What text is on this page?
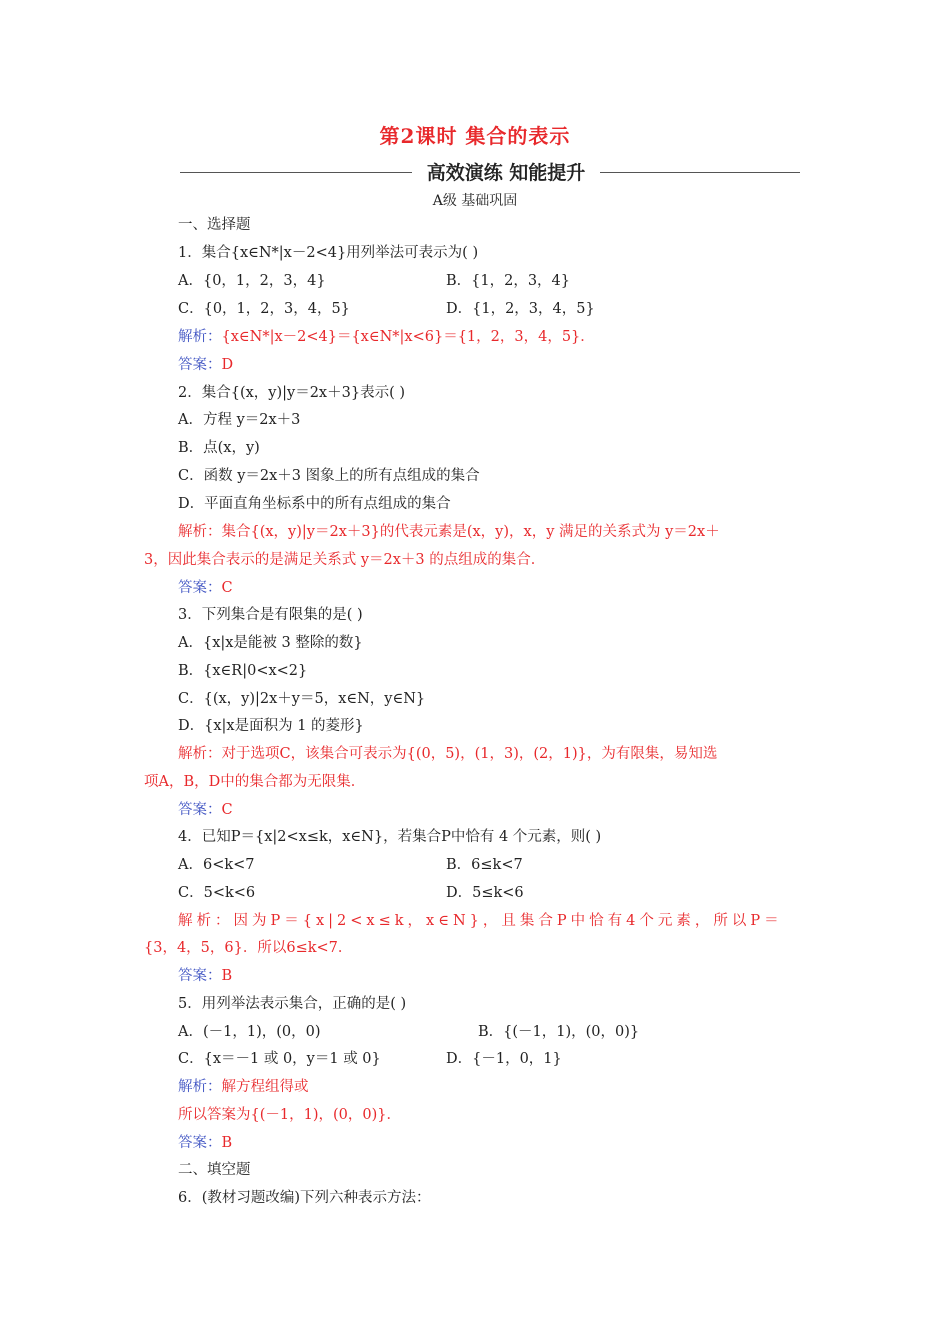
第2课时 集合的表示
高效演练 知能提升
A级 基础巩固
一、选择题
1．集合{x∈N*|x－2<4}用列举法可表示为( )
A．{0，1，2，3，4}	B．{1，2，3，4}
C．{0，1，2，3，4，5}	D．{1，2，3，4，5}
解析：{x∈N*|x－2<4}＝{x∈N*|x<6}＝{1，2，3，4，5}．
答案：D
2．集合{(x，y)|y＝2x＋3}表示( )
A．方程 y＝2x＋3
B．点(x，y)
C．函数 y＝2x＋3 图象上的所有点组成的集合
D．平面直角坐标系中的所有点组成的集合
解析：集合{(x，y)|y＝2x＋3}的代表元素是(x，y)，x，y 满足的关系式为 y＝2x＋
3，因此集合表示的是满足关系式 y＝2x＋3 的点组成的集合．
答案：C
3．下列集合是有限集的是( )
A．{x|x是能被 3 整除的数}
B．{x∈R|0<x<2}
C．{(x，y)|2x＋y＝5，x∈N，y∈N}
D．{x|x是面积为 1 的菱形}
解析：对于选项C，该集合可表示为{(0，5)，(1，3)，(2，1)}，为有限集，易知选
项A，B，D中的集合都为无限集．
答案：C
4．已知P＝{x|2<x≤k，x∈N}，若集合P中恰有 4 个元素，则( )
A．6<k<7	B．6≤k<7
C．5<k<6	D．5≤k<6
解析：因为P＝{x|2<x≤k，x∈N}，且集合P中恰有4个元素，所以P＝
{3，4，5，6}．所以6≤k<7．
答案：B
5．用列举法表示集合，正确的是( )
A．(－1，1)，(0，0)	B．{(－1，1)，(0，0)}
C．{x＝－1 或 0，y＝1 或 0}	D．{－1，0，1}
解析：解方程组得或
所以答案为{(－1，1)，(0，0)}．
答案：B
二、填空题
6．(教材习题改编)下列六种表示方法：
